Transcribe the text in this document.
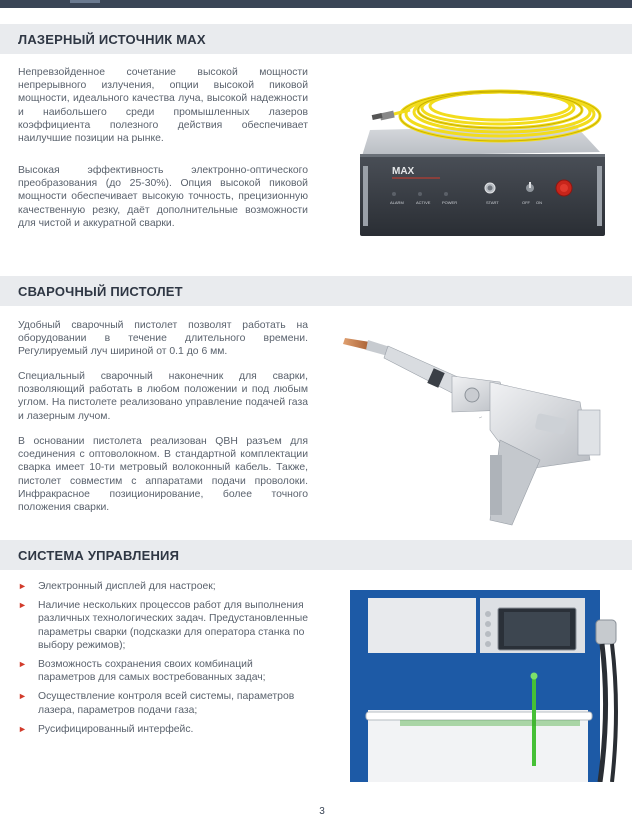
ЛАЗЕРНЫЙ ИСТОЧНИК MAX

Непревзойденное сочетание высокой мощности непрерывного излучения, опции высокой пиковой мощности, идеального качества луча, высокой надежности и наибольшего среди промышленных лазеров коэффициента полезного действия обеспечивает наилучшие позиции на рынке.

Высокая эффективность электронно-оптического преобразования (до 25-30%). Опция высокой пиковой мощности обеспечивает высокую точность, прецизионную качественную резку, даёт дополнительные возможности для чистой и аккуратной сварки.

MAX
ALARM	ACTIVE	POWER	START	OFF ON
СВАРОЧНЫЙ ПИСТОЛЕТ

Удобный сварочный пистолет позволят работать на оборудовании в течение длительного времени. Регулируемый луч шириной от 0.1 до 6 мм.

Специальный сварочный наконечник для сварки, позволяющий работать в любом положении и под любым углом. На пистолете реализовано управление подачей газа и лазерным лучом.

В основании пистолета реализован QBH разъем для соединения с оптоволокном. В стандартной комплектации сварка имеет 10-ти метровый волоконный кабель. Также, пистолет совместим с аппаратами подачи проволоки. Инфракрасное позиционирование, более точного положения сварки.

~
СИСТЕМА УПРАВЛЕНИЯ
► Электронный дисплей для настроек;
► Наличие нескольких процессов работ для выполнения различных технологических задач. Предустановленные параметры сварки (подсказки для оператора станка по выбору режимов);
► Возможность сохранения своих комбинаций параметров для самых востребованных задач;
► Осуществление контроля всей системы, параметров лазера, параметров подачи газа;
► Русифицированный интерфейс.
3
